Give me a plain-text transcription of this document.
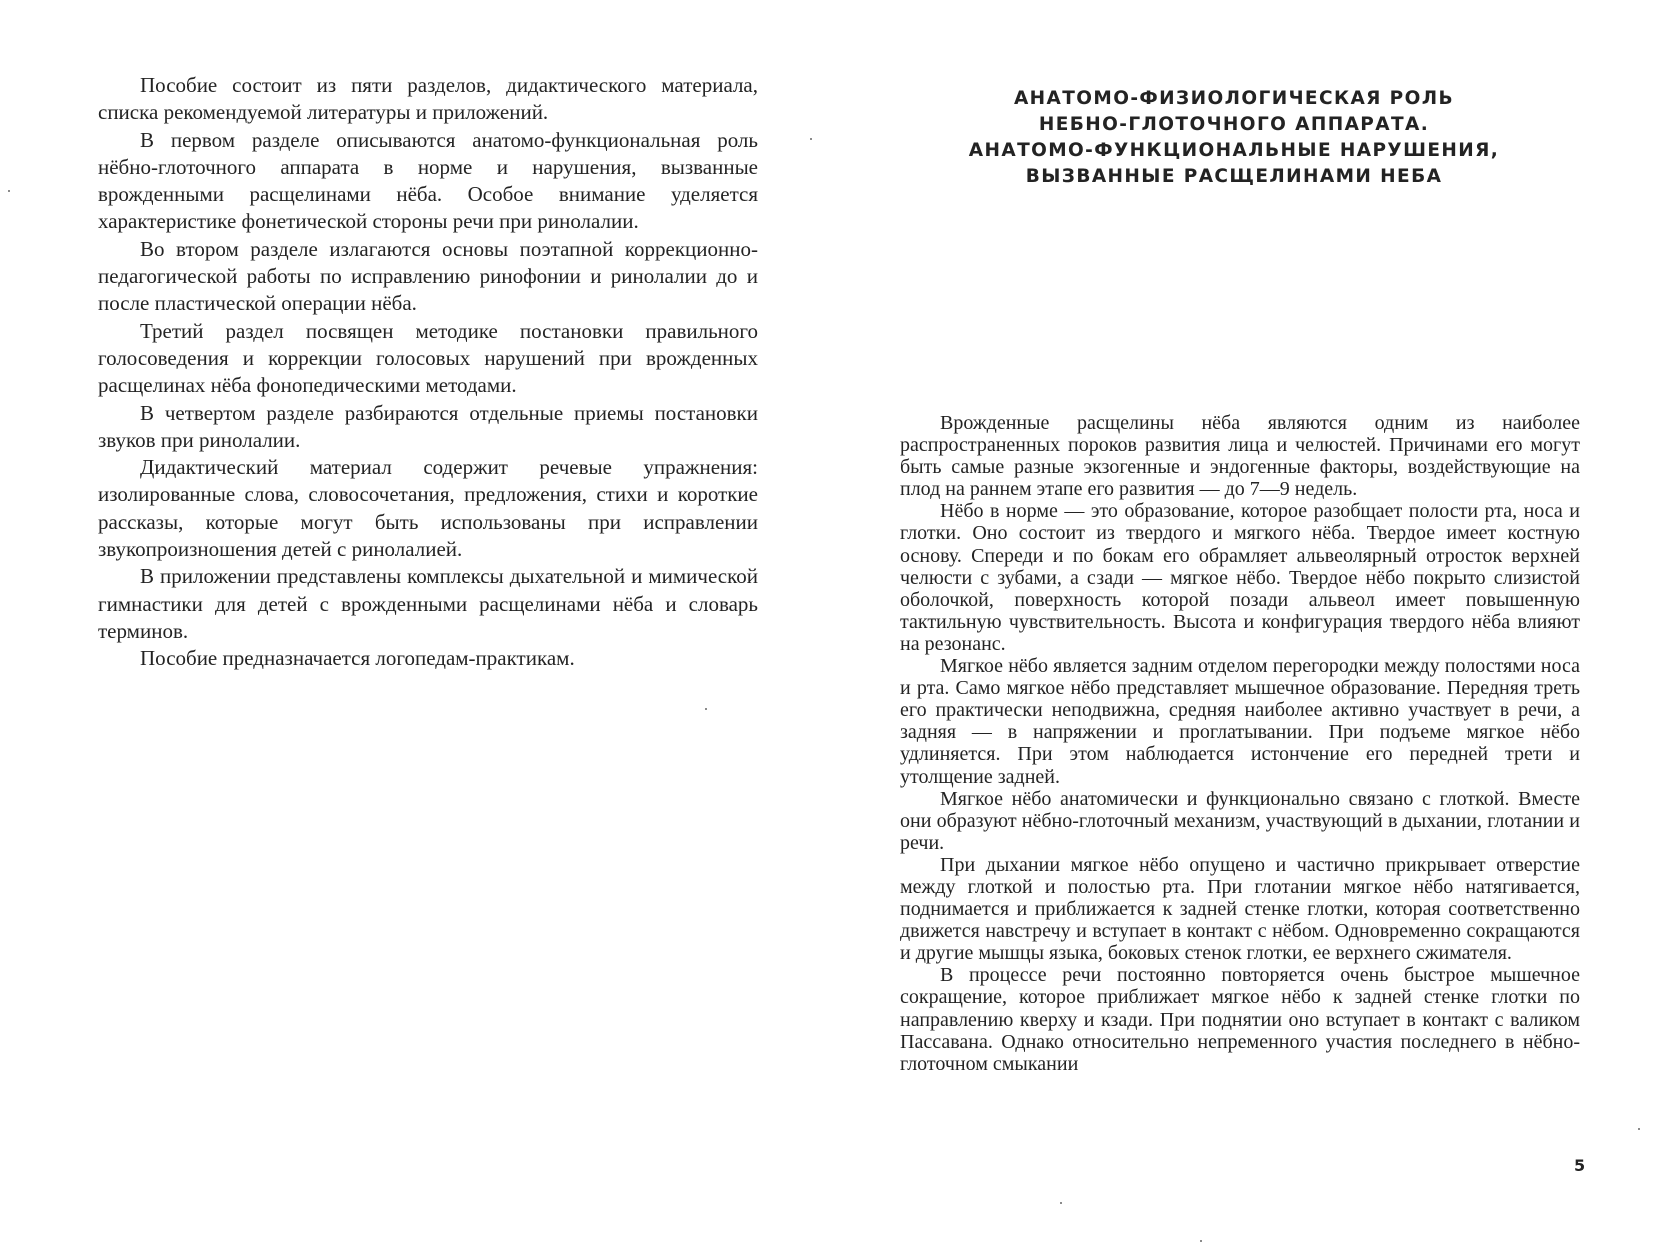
Пособие состоит из пяти разделов, дидактического материала, списка рекомендуемой литературы и приложений.

В первом разделе описываются анатомо-функциональная роль нёбно-глоточного аппарата в норме и нарушения, вызванные врожденными расщелинами нёба. Особое внимание уделяется характеристике фонетической стороны речи при ринолалии.

Во втором разделе излагаются основы поэтапной коррекционно-педагогической работы по исправлению ринофонии и ринолалии до и после пластической операции нёба.

Третий раздел посвящен методике постановки правильного голосоведения и коррекции голосовых нарушений при врожденных расщелинах нёба фонопедическими методами.

В четвертом разделе разбираются отдельные приемы постановки звуков при ринолалии.

Дидактический материал содержит речевые упражнения: изолированные слова, словосочетания, предложения, стихи и короткие рассказы, которые могут быть использованы при исправлении звукопроизношения детей с ринолалией.

В приложении представлены комплексы дыхательной и мимической гимнастики для детей с врожденными расщелинами нёба и словарь терминов.

Пособие предназначается логопедам-практикам.

АНАТОМО-ФИЗИОЛОГИЧЕСКАЯ РОЛЬ
НЕБНО-ГЛОТОЧНОГО АППАРАТА.
АНАТОМО-ФУНКЦИОНАЛЬНЫЕ НАРУШЕНИЯ,
ВЫЗВАННЫЕ РАСЩЕЛИНАМИ НЕБА

Врожденные расщелины нёба являются одним из наиболее распространенных пороков развития лица и челюстей. Причинами его могут быть самые разные экзогенные и эндогенные факторы, воздействующие на плод на раннем этапе его развития — до 7—9 недель.

Нёбо в норме — это образование, которое разобщает полости рта, носа и глотки. Оно состоит из твердого и мягкого нёба. Твердое имеет костную основу. Спереди и по бокам его обрамляет альвеолярный отросток верхней челюсти с зубами, а сзади — мягкое нёбо. Твердое нёбо покрыто слизистой оболочкой, поверхность которой позади альвеол имеет повышенную тактильную чувствительность. Высота и конфигурация твердого нёба влияют на резонанс.

Мягкое нёбо является задним отделом перегородки между полостями носа и рта. Само мягкое нёбо представляет мышечное образование. Передняя треть его практически неподвижна, средняя наиболее активно участвует в речи, а задняя — в напряжении и проглатывании. При подъеме мягкое нёбо удлиняется. При этом наблюдается истончение его передней трети и утолщение задней.

Мягкое нёбо анатомически и функционально связано с глоткой. Вместе они образуют нёбно-глоточный механизм, участвующий в дыхании, глотании и речи.

При дыхании мягкое нёбо опущено и частично прикрывает отверстие между глоткой и полостью рта. При глотании мягкое нёбо натягивается, поднимается и приближается к задней стенке глотки, которая соответственно движется навстречу и вступает в контакт с нёбом. Одновременно сокращаются и другие мышцы языка, боковых стенок глотки, ее верхнего сжимателя.

В процессе речи постоянно повторяется очень быстрое мышечное сокращение, которое приближает мягкое нёбо к задней стенке глотки по направлению кверху и кзади. При поднятии оно вступает в контакт с валиком Пассавана. Однако относительно непременного участия последнего в нёбно-глоточном смыкании

5
